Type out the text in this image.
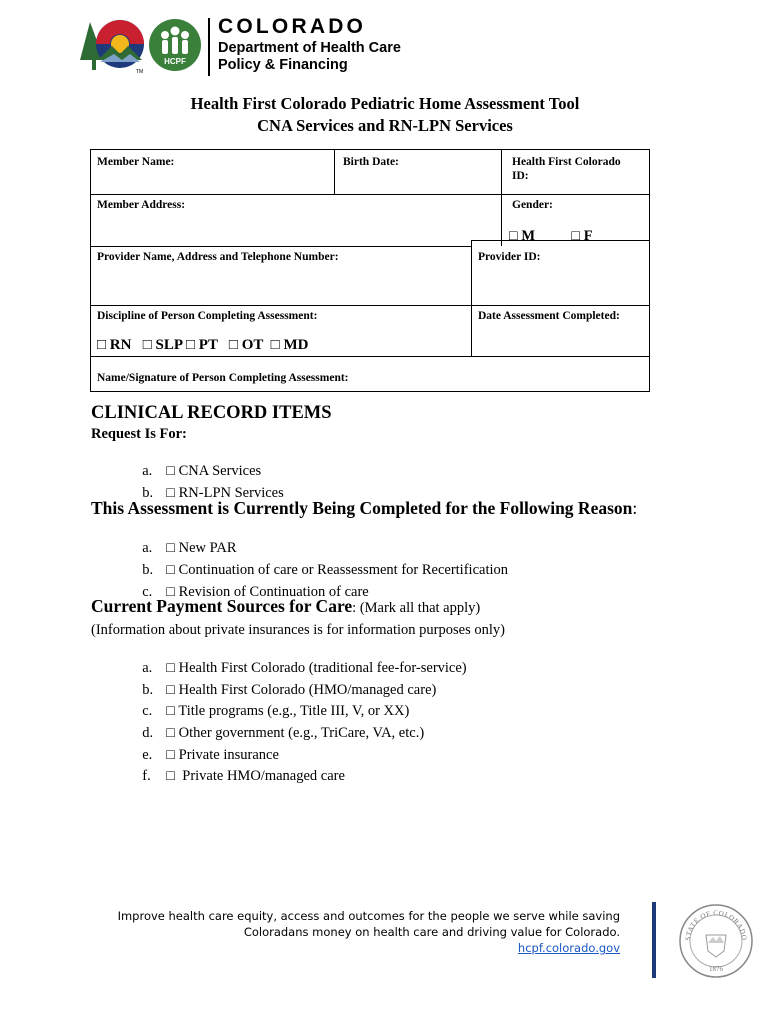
TM
HCPF
COLORADO
Department of Health Care
Policy & Financing
Health First Colorado Pediatric Home Assessment Tool
CNA Services and RN-LPN Services
Member Name:	Birth Date:	Health First Colorado
ID:
Member Address:	Gender:
□ M          □ F
Provider Name, Address and Telephone Number:	Provider ID:
Discipline of Person Completing Assessment:	Date Assessment Completed:
□ RN   □ SLP □ PT   □ OT  □ MD
Name/Signature of Person Completing Assessment:
CLINICAL RECORD ITEMS
Request Is For:

a. □ CNA Services

b. □ RN-LPN Services

This Assessment is Currently Being Completed for the Following Reason:

a. □ New PAR

b. □ Continuation of care or Reassessment for Recertification

c. □ Revision of Continuation of care

Current Payment Sources for Care: (Mark all that apply)
(Information about private insurances is for information purposes only)

a. □ Health First Colorado (traditional fee-for-service)

b. □ Health First Colorado (HMO/managed care)

c. □ Title programs (e.g., Title III, V, or XX)

d. □ Other government (e.g., TriCare, VA, etc.)

e. □ Private insurance

f. □  Private HMO/managed care

Improve health care equity, access and outcomes for the people we serve while saving
Coloradans money on health care and driving value for Colorado.
hcpf.colorado.gov
STATE OF COLORADO
1876
